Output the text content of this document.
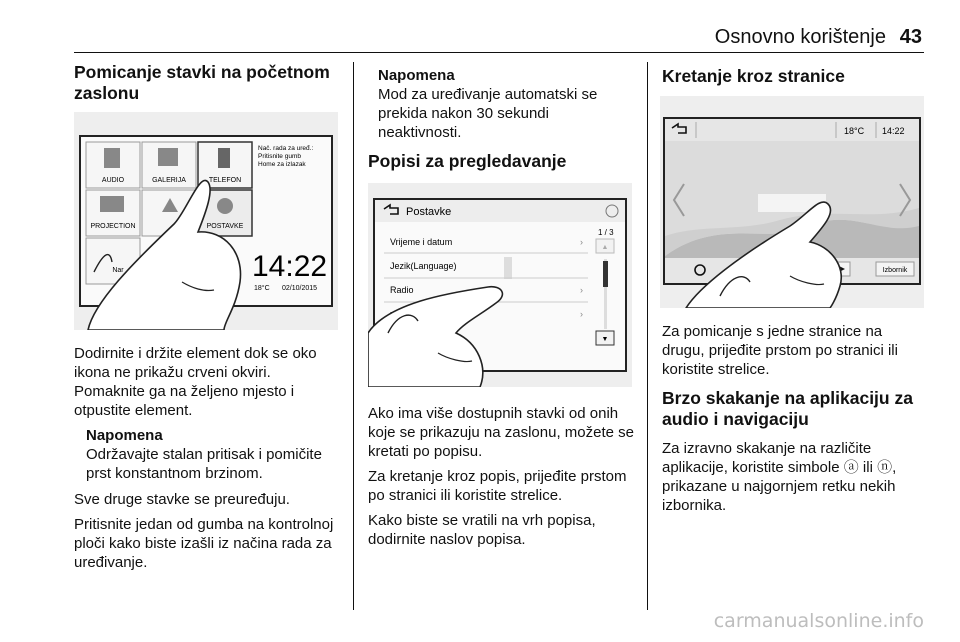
Osnovno korištenje 43
Pomicanje stavki na početnom zaslonu
AUDIO	GALERIJA	TELEFON
PROJECTION	POSTAVKE
Nar
Nač. rada za uređ.:
Pritisnite gumb
Home za izlazak
14:22
18°C 02/10/2015

Dodirnite i držite element dok se oko ikona ne prikažu crveni okviri. Pomaknite ga na željeno mjesto i otpustite element.

Napomena
Održavajte stalan pritisak i pomičite prst konstantnom brzinom.

Sve druge stavke se preuređuju.

Pritisnite jedan od gumba na kontrolnoj ploči kako biste izašli iz načina rada za uređivanje.

Napomena
Mod za uređivanje automatski se prekida nakon 30 sekundi neaktivnosti.
Popisi za pregledavanje
Postavke
Vrijeme i datum	›
Jezik(Language)
Radio	›
›
1 / 3
▲
▼

Ako ima više dostupnih stavki od onih koje se prikazuju na zaslonu, možete se kretati po popisu.

Za kretanje kroz popis, prijeđite prstom po stranici ili koristite strelice.

Kako biste se vratili na vrh popisa, dodirnite naslov popisa.

Kretanje kroz stranice
18°C 14:22
Izbornik

Za pomicanje s jedne stranice na drugu, prijeđite prstom po stranici ili koristite strelice.

Brzo skakanje na aplikaciju za audio i navigaciju

Za izravno skakanje na različite aplikacije, koristite simbole ⓐ ili ⓝ, prikazane u najgornjem retku nekih izbornika.

carmanualsonline.info
